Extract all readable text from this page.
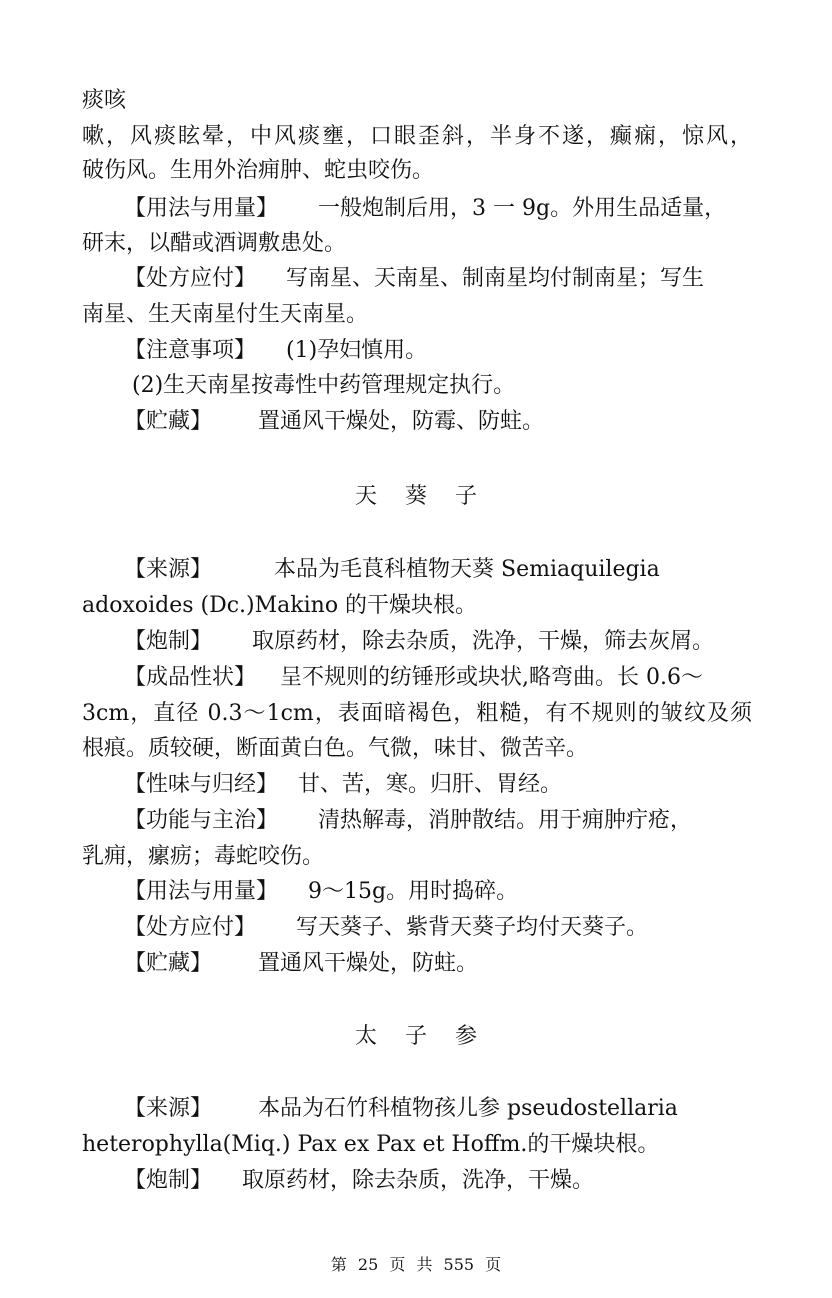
痰咳
嗽，风痰眩晕，中风痰壅，口眼歪斜，半身不遂，癫痫，惊风，
破伤风。生用外治痈肿、蛇虫咬伤。
【用法与用量】 一般炮制后用，3 一 9g。外用生品适量，
研末，以醋或酒调敷患处。
【处方应付】 写南星、天南星、制南星均付制南星；写生
南星、生天南星付生天南星。
【注意事项】 (1)孕妇慎用。
(2)生天南星按毒性中药管理规定执行。
【贮藏】 置通风干燥处，防霉、防蛀。
天葵子
【来源】	本品为毛茛科植物天葵 Semiaquilegia
adoxoides (Dc.)Makino 的干燥块根。
【炮制】 取原药材，除去杂质，洗净，干燥，筛去灰屑。
【成品性状】 呈不规则的纺锤形或块状,略弯曲。长 0.6～
3cm，直径 0.3～1cm，表面暗褐色，粗糙，有不规则的皱纹及须
根痕。质较硬，断面黄白色。气微，味甘、微苦辛。
【性味与归经】 甘、苦，寒。归肝、胃经。
【功能与主治】 清热解毒，消肿散结。用于痈肿疔疮，
乳痈，瘰疬；毒蛇咬伤。
【用法与用量】 9～15g。用时捣碎。
【处方应付】 写天葵子、紫背天葵子均付天葵子。
【贮藏】 置通风干燥处，防蛀。
太子参
【来源】 本品为石竹科植物孩儿参 pseudostellaria
heterophylla(Miq.) Pax ex Pax et Hoffm.的干燥块根。
【炮制】 取原药材，除去杂质，洗净，干燥。
第 25 页 共 555 页
